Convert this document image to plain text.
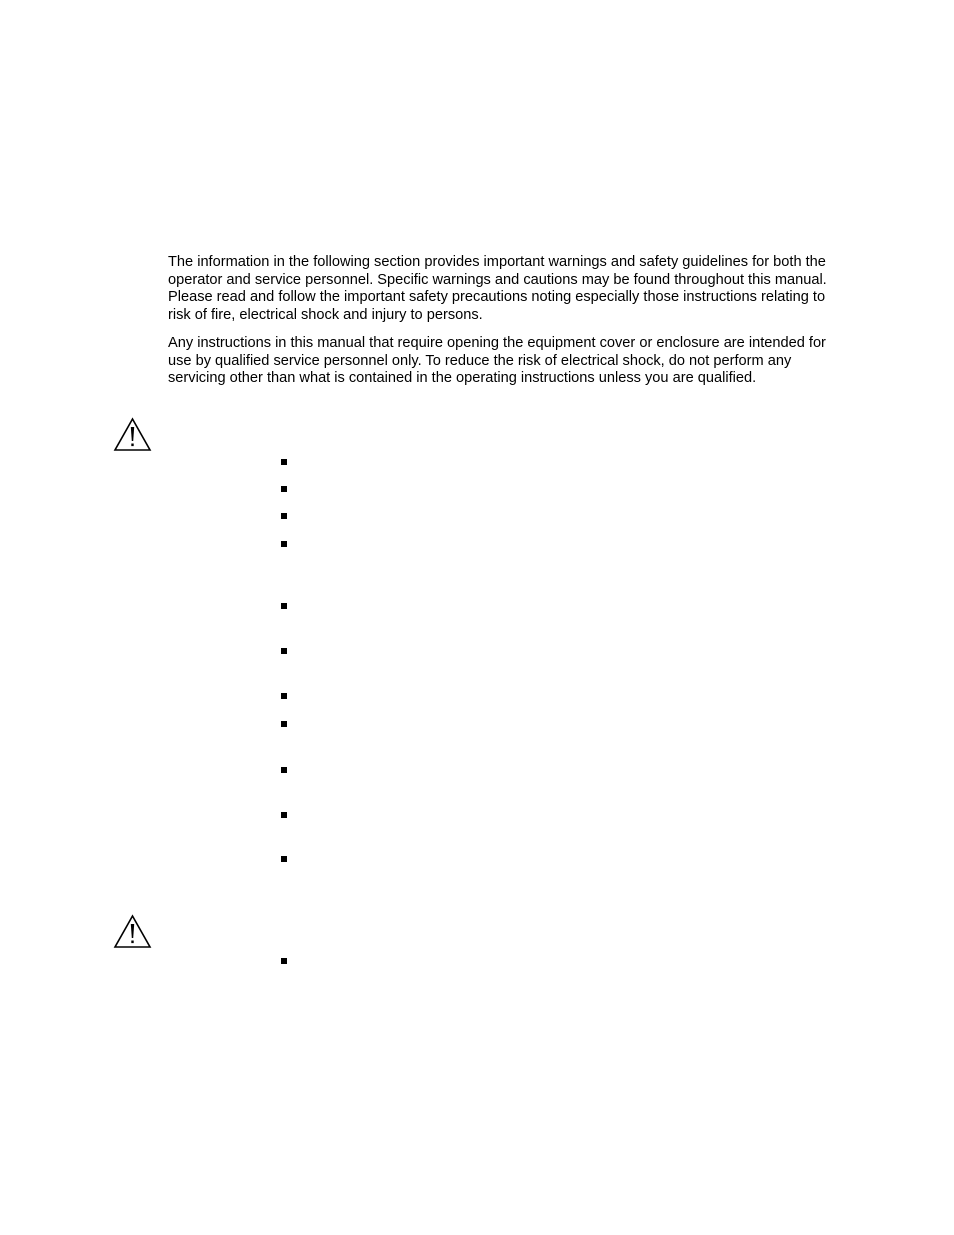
The information in the following section provides important warnings and safety guidelines for both the operator and service personnel. Specific warnings and cautions may be found throughout this manual. Please read and follow the important safety precautions noting especially those instructions relating to risk of fire, electrical shock and injury to persons.

Any instructions in this manual that require opening the equipment cover or enclosure are intended for use by qualified service personnel only. To reduce the risk of electrical shock, do not perform any servicing other than what is contained in the operating instructions unless you are qualified.
